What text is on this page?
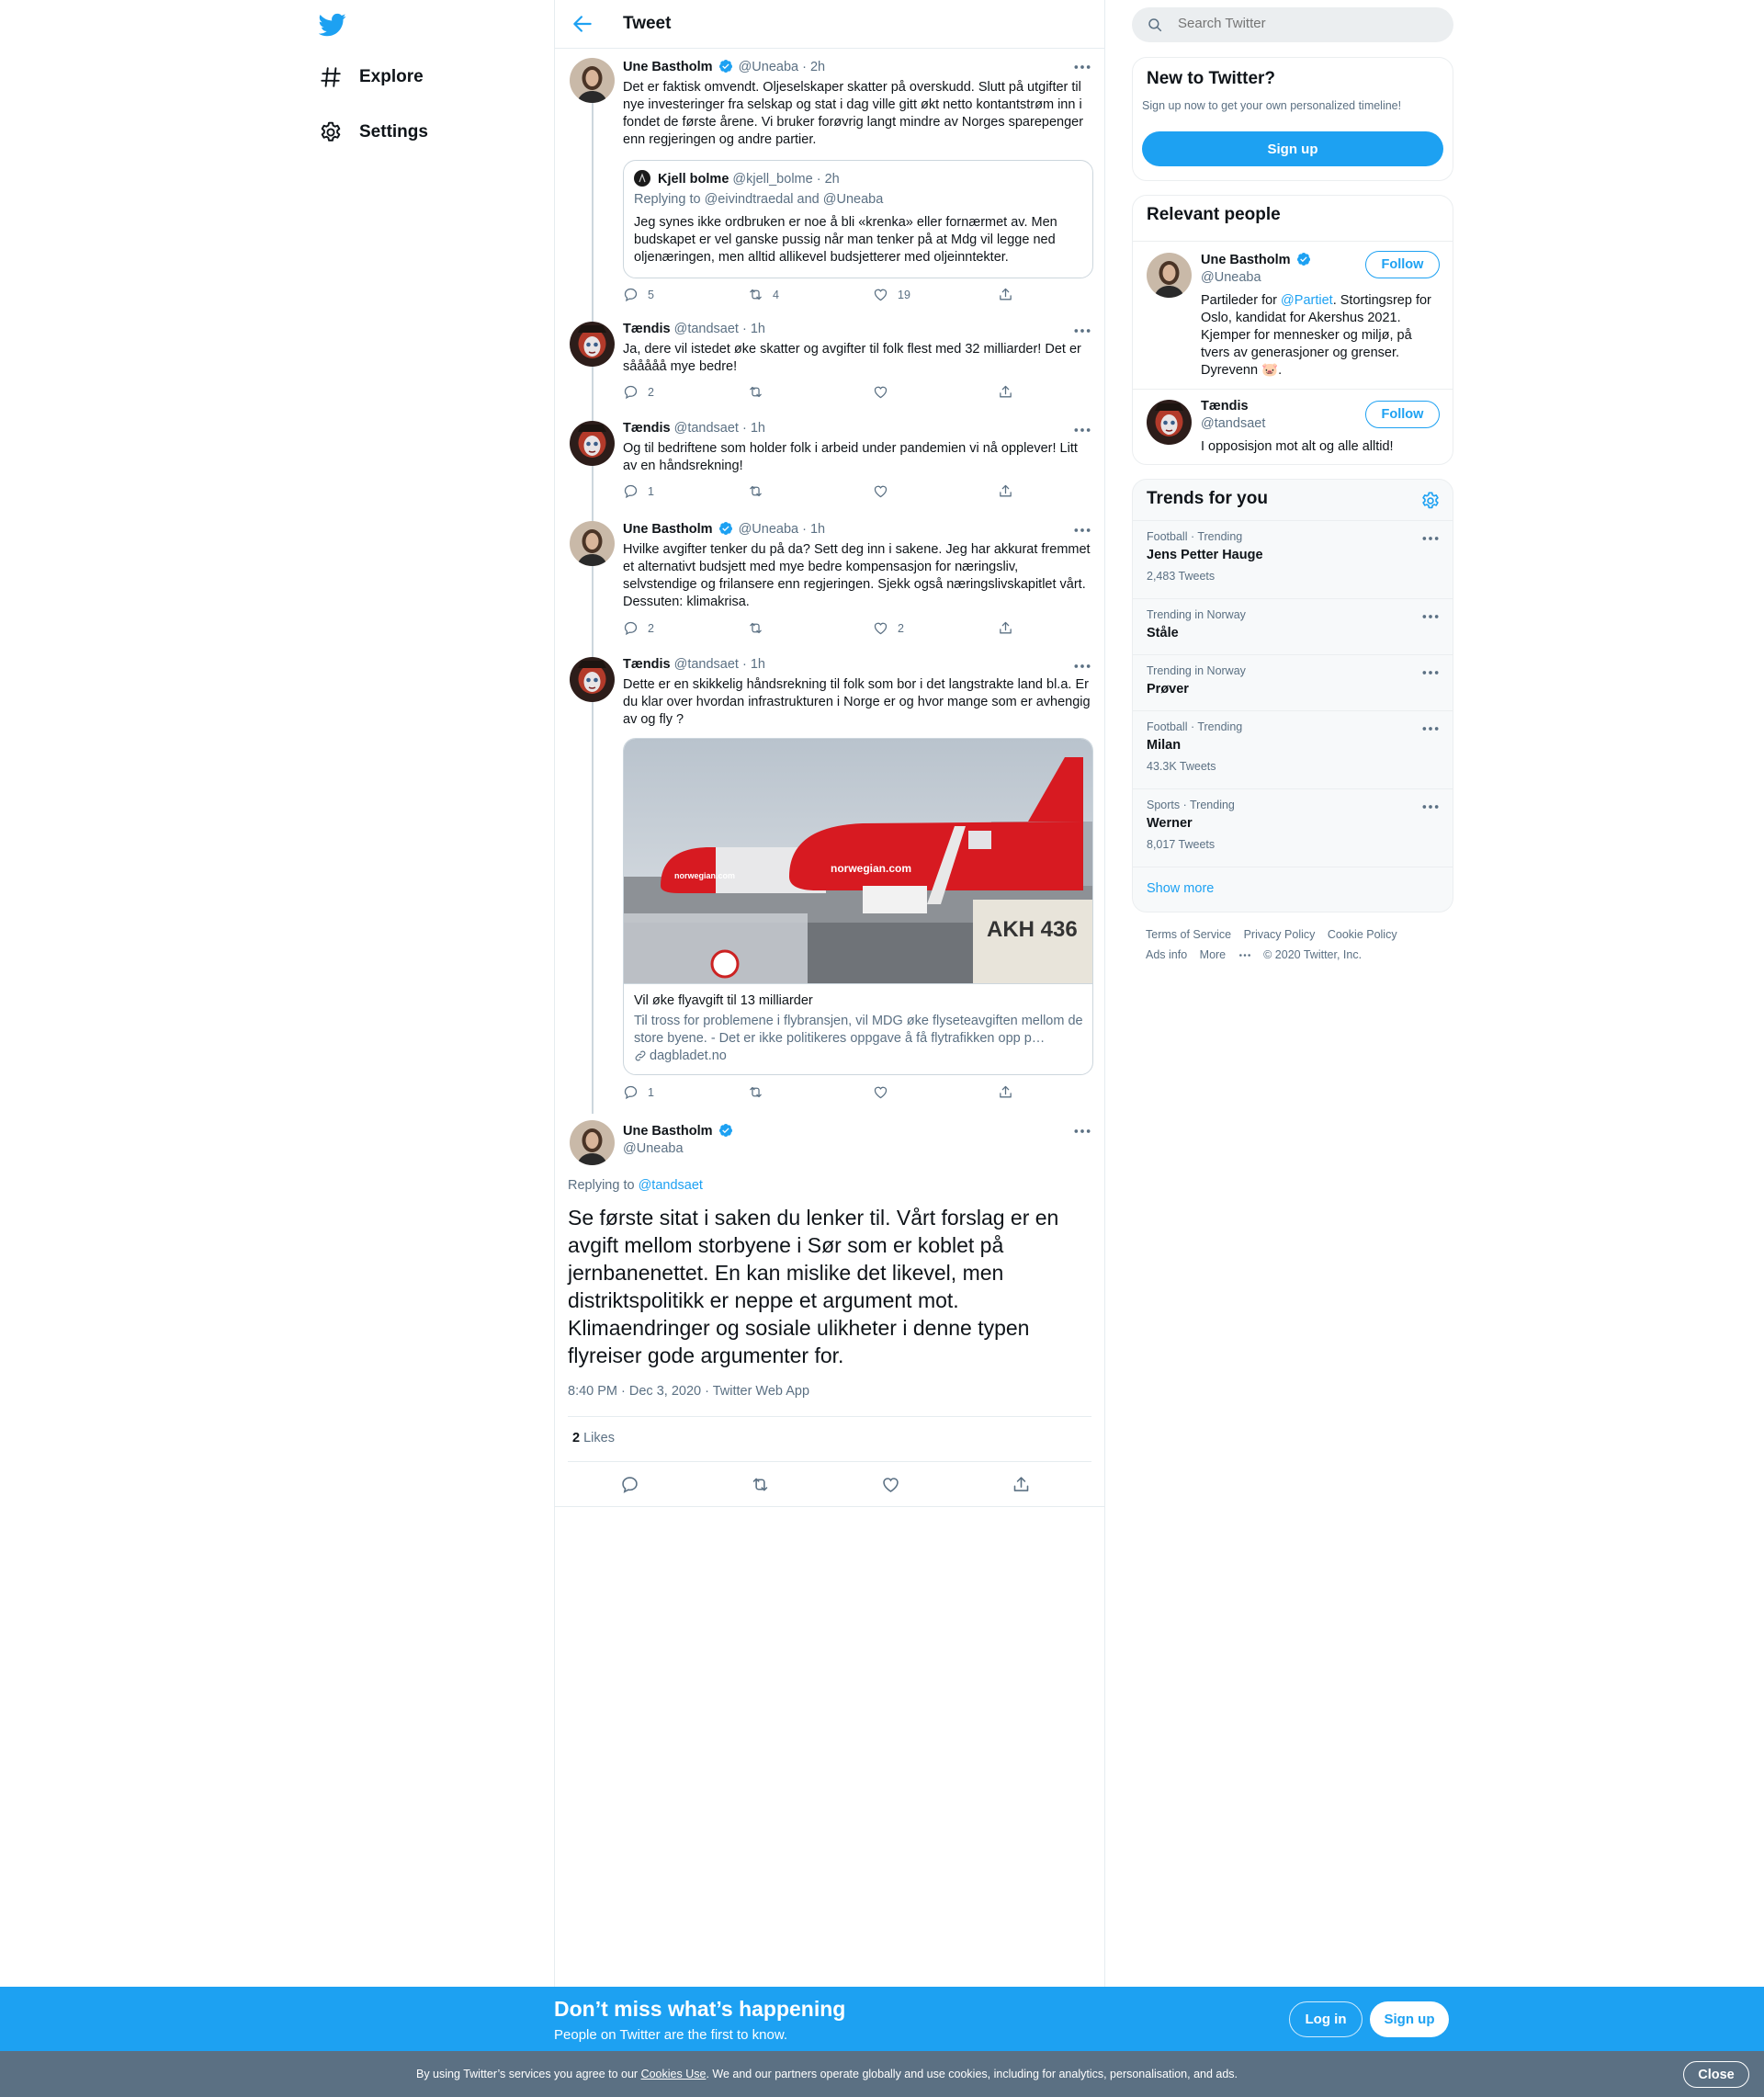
Explore
Settings
Tweet
Une Bastholm @Uneaba · 2h
Det er faktisk omvendt. Oljeselskaper skatter på overskudd. Slutt på utgifter til nye investeringer fra selskap og stat i dag ville gitt økt netto kontantstrøm inn i fondet de første årene. Vi bruker forøvrig langt mindre av Norges sparepenger enn regjeringen og andre partier.
Kjell bolme @kjell_bolme · 2h
Replying to @eivindtraedal and @Uneaba
Jeg synes ikke ordbruken er noe å bli «krenka» eller fornærmet av. Men budskapet er vel ganske pussig når man tenker på at Mdg vil legge ned oljenæringen, men alltid allikevel budsjetterer med oljeinntekter.
5	4	19
Tændis @tandsaet · 1h
Ja, dere vil istedet øke skatter og avgifter til folk flest med 32 milliarder! Det er sååååå mye bedre!
2
Tændis @tandsaet · 1h
Og til bedriftene som holder folk i arbeid under pandemien vi nå opplever! Litt av en håndsrekning!
1
Une Bastholm @Uneaba · 1h
Hvilke avgifter tenker du på da? Sett deg inn i sakene. Jeg har akkurat fremmet et alternativt budsjett med mye bedre kompensasjon for næringsliv, selvstendige og frilansere enn regjeringen. Sjekk også næringslivskapitlet vårt. Dessuten: klimakrisa.
2	2
Tændis @tandsaet · 1h
Dette er en skikkelig håndsrekning til folk som bor i det langstrakte land bl.a. Er du klar over hvordan infrastrukturen i Norge er og hvor mange som er avhengig av og fly ?
norwegian.com
norwegian.com
AKH 436
Vil øke flyavgift til 13 milliarder
Til tross for problemene i flybransjen, vil MDG øke flyseteavgiften mellom de store byene. - Det er ikke politikeres oppgave å få flytrafikken opp p…
dagbladet.no
1
Une Bastholm
@Uneaba
Replying to @tandsaet
Se første sitat i saken du lenker til. Vårt forslag er en avgift mellom storbyene i Sør som er koblet på jernbanenettet. En kan mislike det likevel, men distriktspolitikk er neppe et argument mot. Klimaendringer og sosiale ulikheter i denne typen flyreiser gode argumenter for.
8:40 PM · Dec 3, 2020 · Twitter Web App
2 Likes
Search Twitter
New to Twitter?
Sign up now to get your own personalized timeline!
Sign up
Relevant people
Une Bastholm
@Uneaba
Follow
Partileder for @Partiet. Stortingsrep for Oslo, kandidat for Akershus 2021. Kjemper for mennesker og miljø, på tvers av generasjoner og grenser. Dyrevenn 🐷.
Tændis
@tandsaet
Follow
I opposisjon mot alt og alle alltid!
Trends for you
Football · Trending
Jens Petter Hauge
2,483 Tweets
Trending in Norway
Ståle
Trending in Norway
Prøver
Football · Trending
Milan
43.3K Tweets
Sports · Trending
Werner
8,017 Tweets
Show more
Terms of Service Privacy Policy Cookie Policy
Ads info More	© 2020 Twitter, Inc.
Don’t miss what’s happening
People on Twitter are the first to know.
Log in	Sign up
By using Twitter’s services you agree to our Cookies Use. We and our partners operate globally and use cookies, including for analytics, personalisation, and ads.	Close
